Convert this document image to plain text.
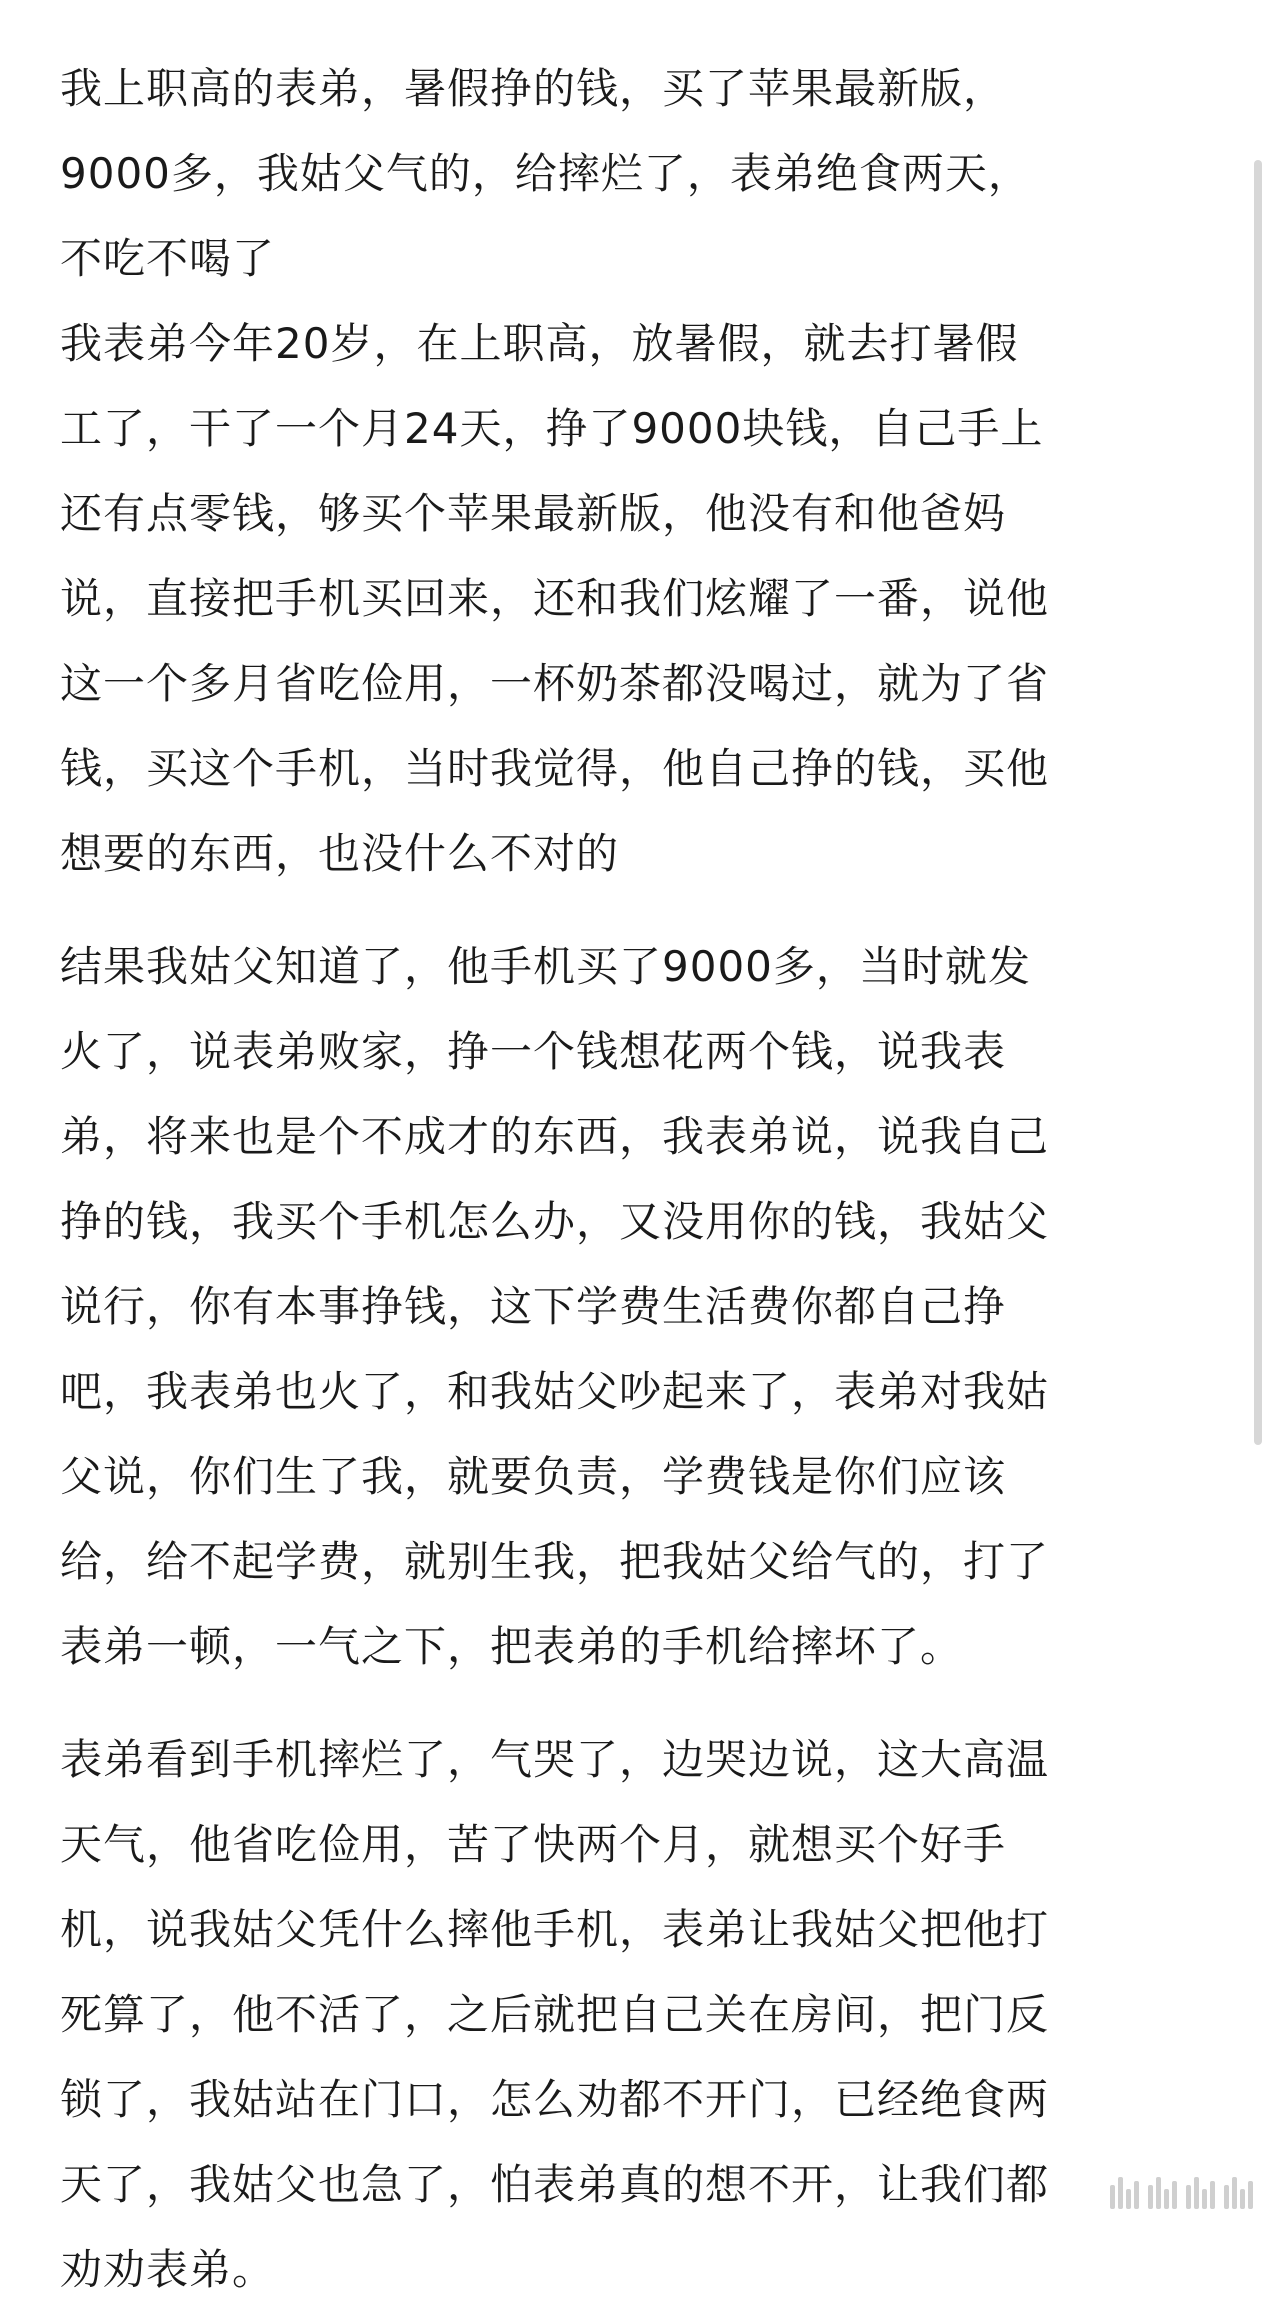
我上职高的表弟，暑假挣的钱，买了苹果最新版，
9000多，我姑父气的，给摔烂了，表弟绝食两天，
不吃不喝了

我表弟今年20岁，在上职高，放暑假，就去打暑假
工了，干了一个月24天，挣了9000块钱，自己手上
还有点零钱，够买个苹果最新版，他没有和他爸妈
说，直接把手机买回来，还和我们炫耀了一番，说他
这一个多月省吃俭用，一杯奶茶都没喝过，就为了省
钱，买这个手机，当时我觉得，他自己挣的钱，买他
想要的东西，也没什么不对的

结果我姑父知道了，他手机买了9000多，当时就发
火了，说表弟败家，挣一个钱想花两个钱，说我表
弟，将来也是个不成才的东西，我表弟说，说我自己
挣的钱，我买个手机怎么办，又没用你的钱，我姑父
说行，你有本事挣钱，这下学费生活费你都自己挣
吧，我表弟也火了，和我姑父吵起来了，表弟对我姑
父说，你们生了我，就要负责，学费钱是你们应该
给，给不起学费，就别生我，把我姑父给气的，打了
表弟一顿，一气之下，把表弟的手机给摔坏了。

表弟看到手机摔烂了，气哭了，边哭边说，这大高温
天气，他省吃俭用，苦了快两个月，就想买个好手
机，说我姑父凭什么摔他手机，表弟让我姑父把他打
死算了，他不活了，之后就把自己关在房间，把门反
锁了，我姑站在门口，怎么劝都不开门，已经绝食两
天了，我姑父也急了，怕表弟真的想不开，让我们都
劝劝表弟。
